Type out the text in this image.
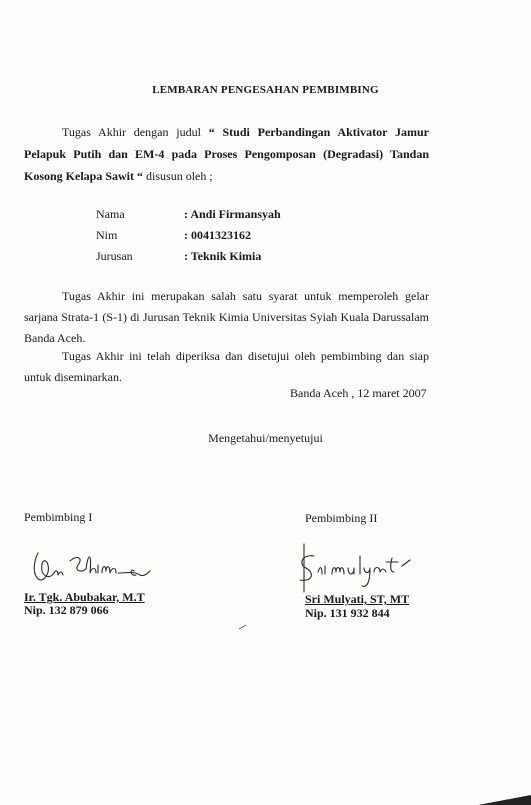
LEMBARAN PENGESAHAN PEMBIMBING
Tugas Akhir dengan judul “ Studi Perbandingan Aktivator Jamur Pelapuk Putih dan EM-4 pada Proses Pengomposan (Degradasi) Tandan Kosong Kelapa Sawit “ disusun oleh ;
Nama	: Andi Firmansyah
Nim	: 0041323162
Jurusan	: Teknik Kimia
Tugas Akhir ini merupakan salah satu syarat untuk memperoleh gelar sarjana Strata-1 (S-1) di Jurusan Teknik Kimia Universitas Syiah Kuala Darussalam Banda Aceh.
Tugas Akhir ini telah diperiksa dan disetujui oleh pembimbing dan siap untuk diseminarkan.
Banda Aceh , 12 maret 2007
Mengetahui/menyetujui
Pembimbing I	Pembimbing II
Ir. Tgk. Abubakar, M.T
Nip. 132 879 066
Sri Mulyati, ST, MT
Nip. 131 932 844
